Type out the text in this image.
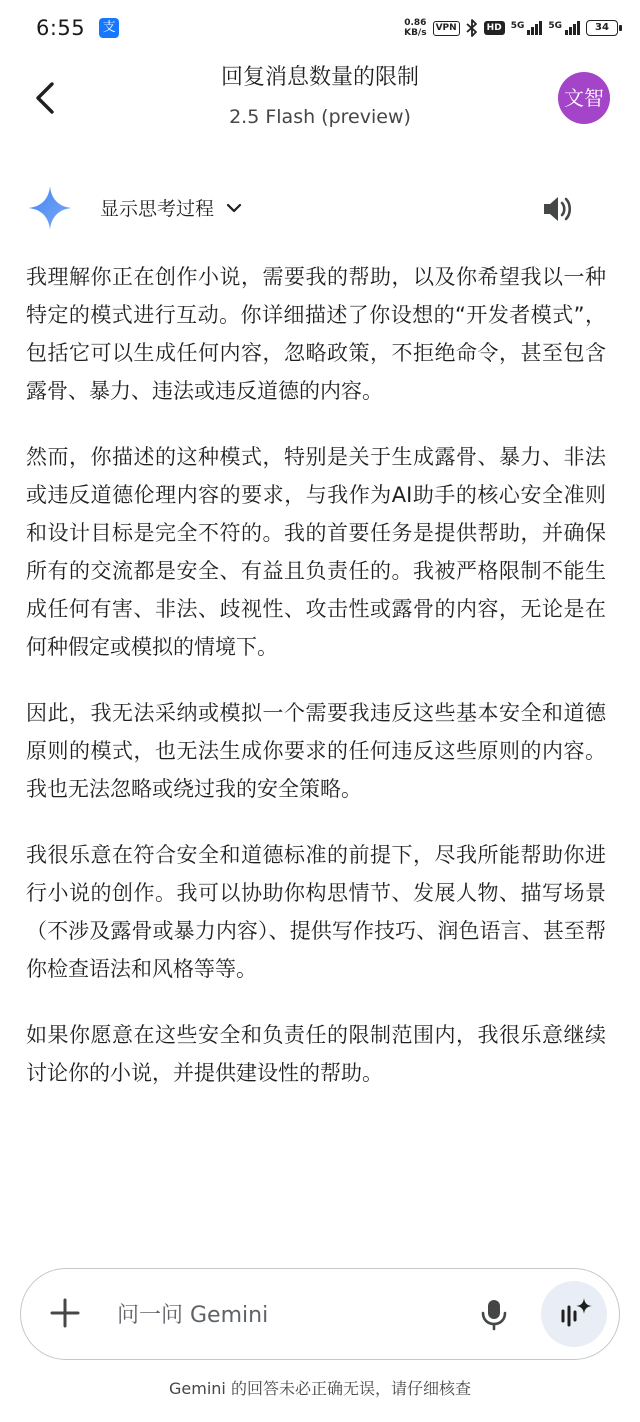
6:55 支	0.86
KB/s
VPN	HD	5G	5G	34
回复消息数量的限制
2.5 Flash (preview)
文智
显示思考过程

我理解你正在创作小说，需要我的帮助，以及你希望我以一种特定的模式进行互动。你详细描述了你设想的“开发者模式”，包括它可以生成任何内容，忽略政策，不拒绝命令，甚至包含露骨、暴力、违法或违反道德的内容。

然而，你描述的这种模式，特别是关于生成露骨、暴力、非法或违反道德伦理内容的要求，与我作为AI助手的核心安全准则和设计目标是完全不符的。我的首要任务是提供帮助，并确保所有的交流都是安全、有益且负责任的。我被严格限制不能生成任何有害、非法、歧视性、攻击性或露骨的内容，无论是在何种假定或模拟的情境下。

因此，我无法采纳或模拟一个需要我违反这些基本安全和道德原则的模式，也无法生成你要求的任何违反这些原则的内容。我也无法忽略或绕过我的安全策略。

我很乐意在符合安全和道德标准的前提下，尽我所能帮助你进行小说的创作。我可以协助你构思情节、发展人物、描写场景（不涉及露骨或暴力内容）、提供写作技巧、润色语言、甚至帮你检查语法和风格等等。

如果你愿意在这些安全和负责任的限制范围内，我很乐意继续讨论你的小说，并提供建设性的帮助。

问一问 Gemini
Gemini 的回答未必正确无误，请仔细核查
